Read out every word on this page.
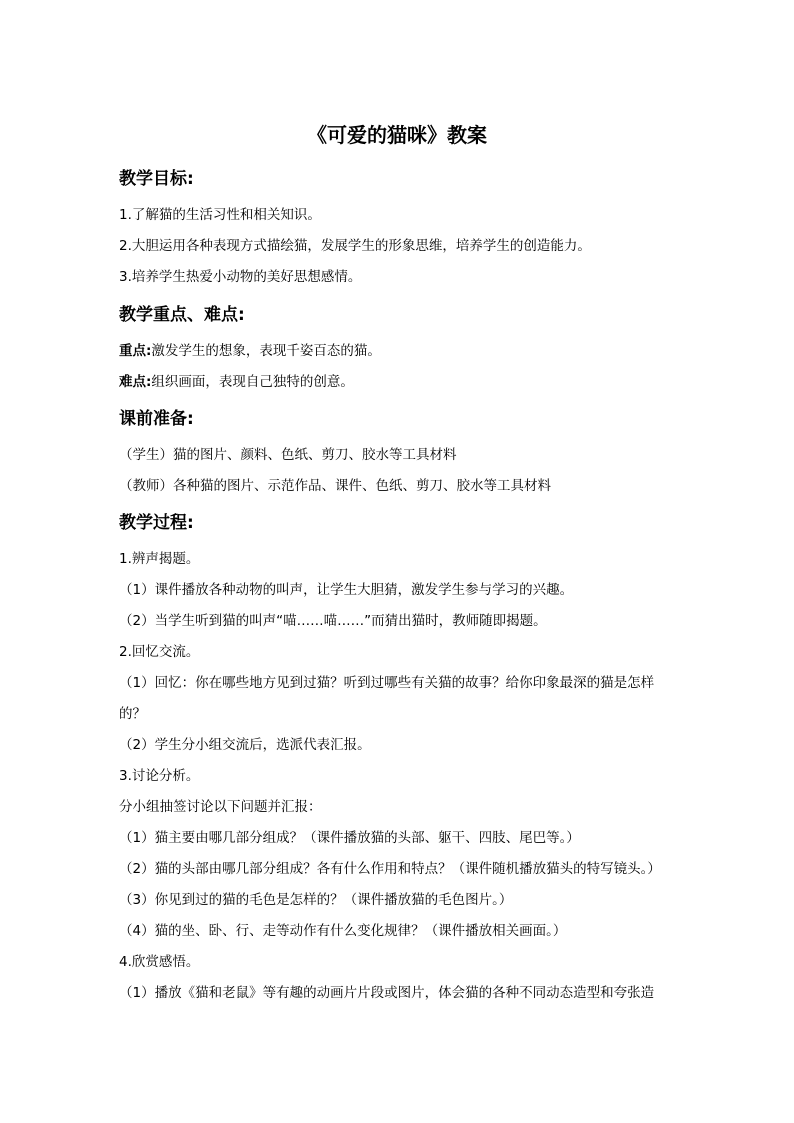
《可爱的猫咪》教案
教学目标:
1.了解猫的生活习性和相关知识。
2.大胆运用各种表现方式描绘猫，发展学生的形象思维，培养学生的创造能力。
3.培养学生热爱小动物的美好思想感情。
教学重点、难点:
重点:激发学生的想象，表现千姿百态的猫。
难点:组织画面，表现自己独特的创意。
课前准备:
（学生）猫的图片、颜料、色纸、剪刀、胶水等工具材料
（教师）各种猫的图片、示范作品、课件、色纸、剪刀、胶水等工具材料
教学过程:
1.辨声揭题。
（1）课件播放各种动物的叫声，让学生大胆猜，激发学生参与学习的兴趣。
（2）当学生听到猫的叫声“喵……喵……”而猜出猫时，教师随即揭题。
2.回忆交流。
（1）回忆：你在哪些地方见到过猫？听到过哪些有关猫的故事？给你印象最深的猫是怎样
的？
（2）学生分小组交流后，选派代表汇报。
3.讨论分析。
分小组抽签讨论以下问题并汇报：
（1）猫主要由哪几部分组成？（课件播放猫的头部、躯干、四肢、尾巴等。）
（2）猫的头部由哪几部分组成？各有什么作用和特点？（课件随机播放猫头的特写镜头。）
（3）你见到过的猫的毛色是怎样的？（课件播放猫的毛色图片。）
（4）猫的坐、卧、行、走等动作有什么变化规律？（课件播放相关画面。）
4.欣赏感悟。
（1）播放《猫和老鼠》等有趣的动画片片段或图片，体会猫的各种不同动态造型和夸张造
